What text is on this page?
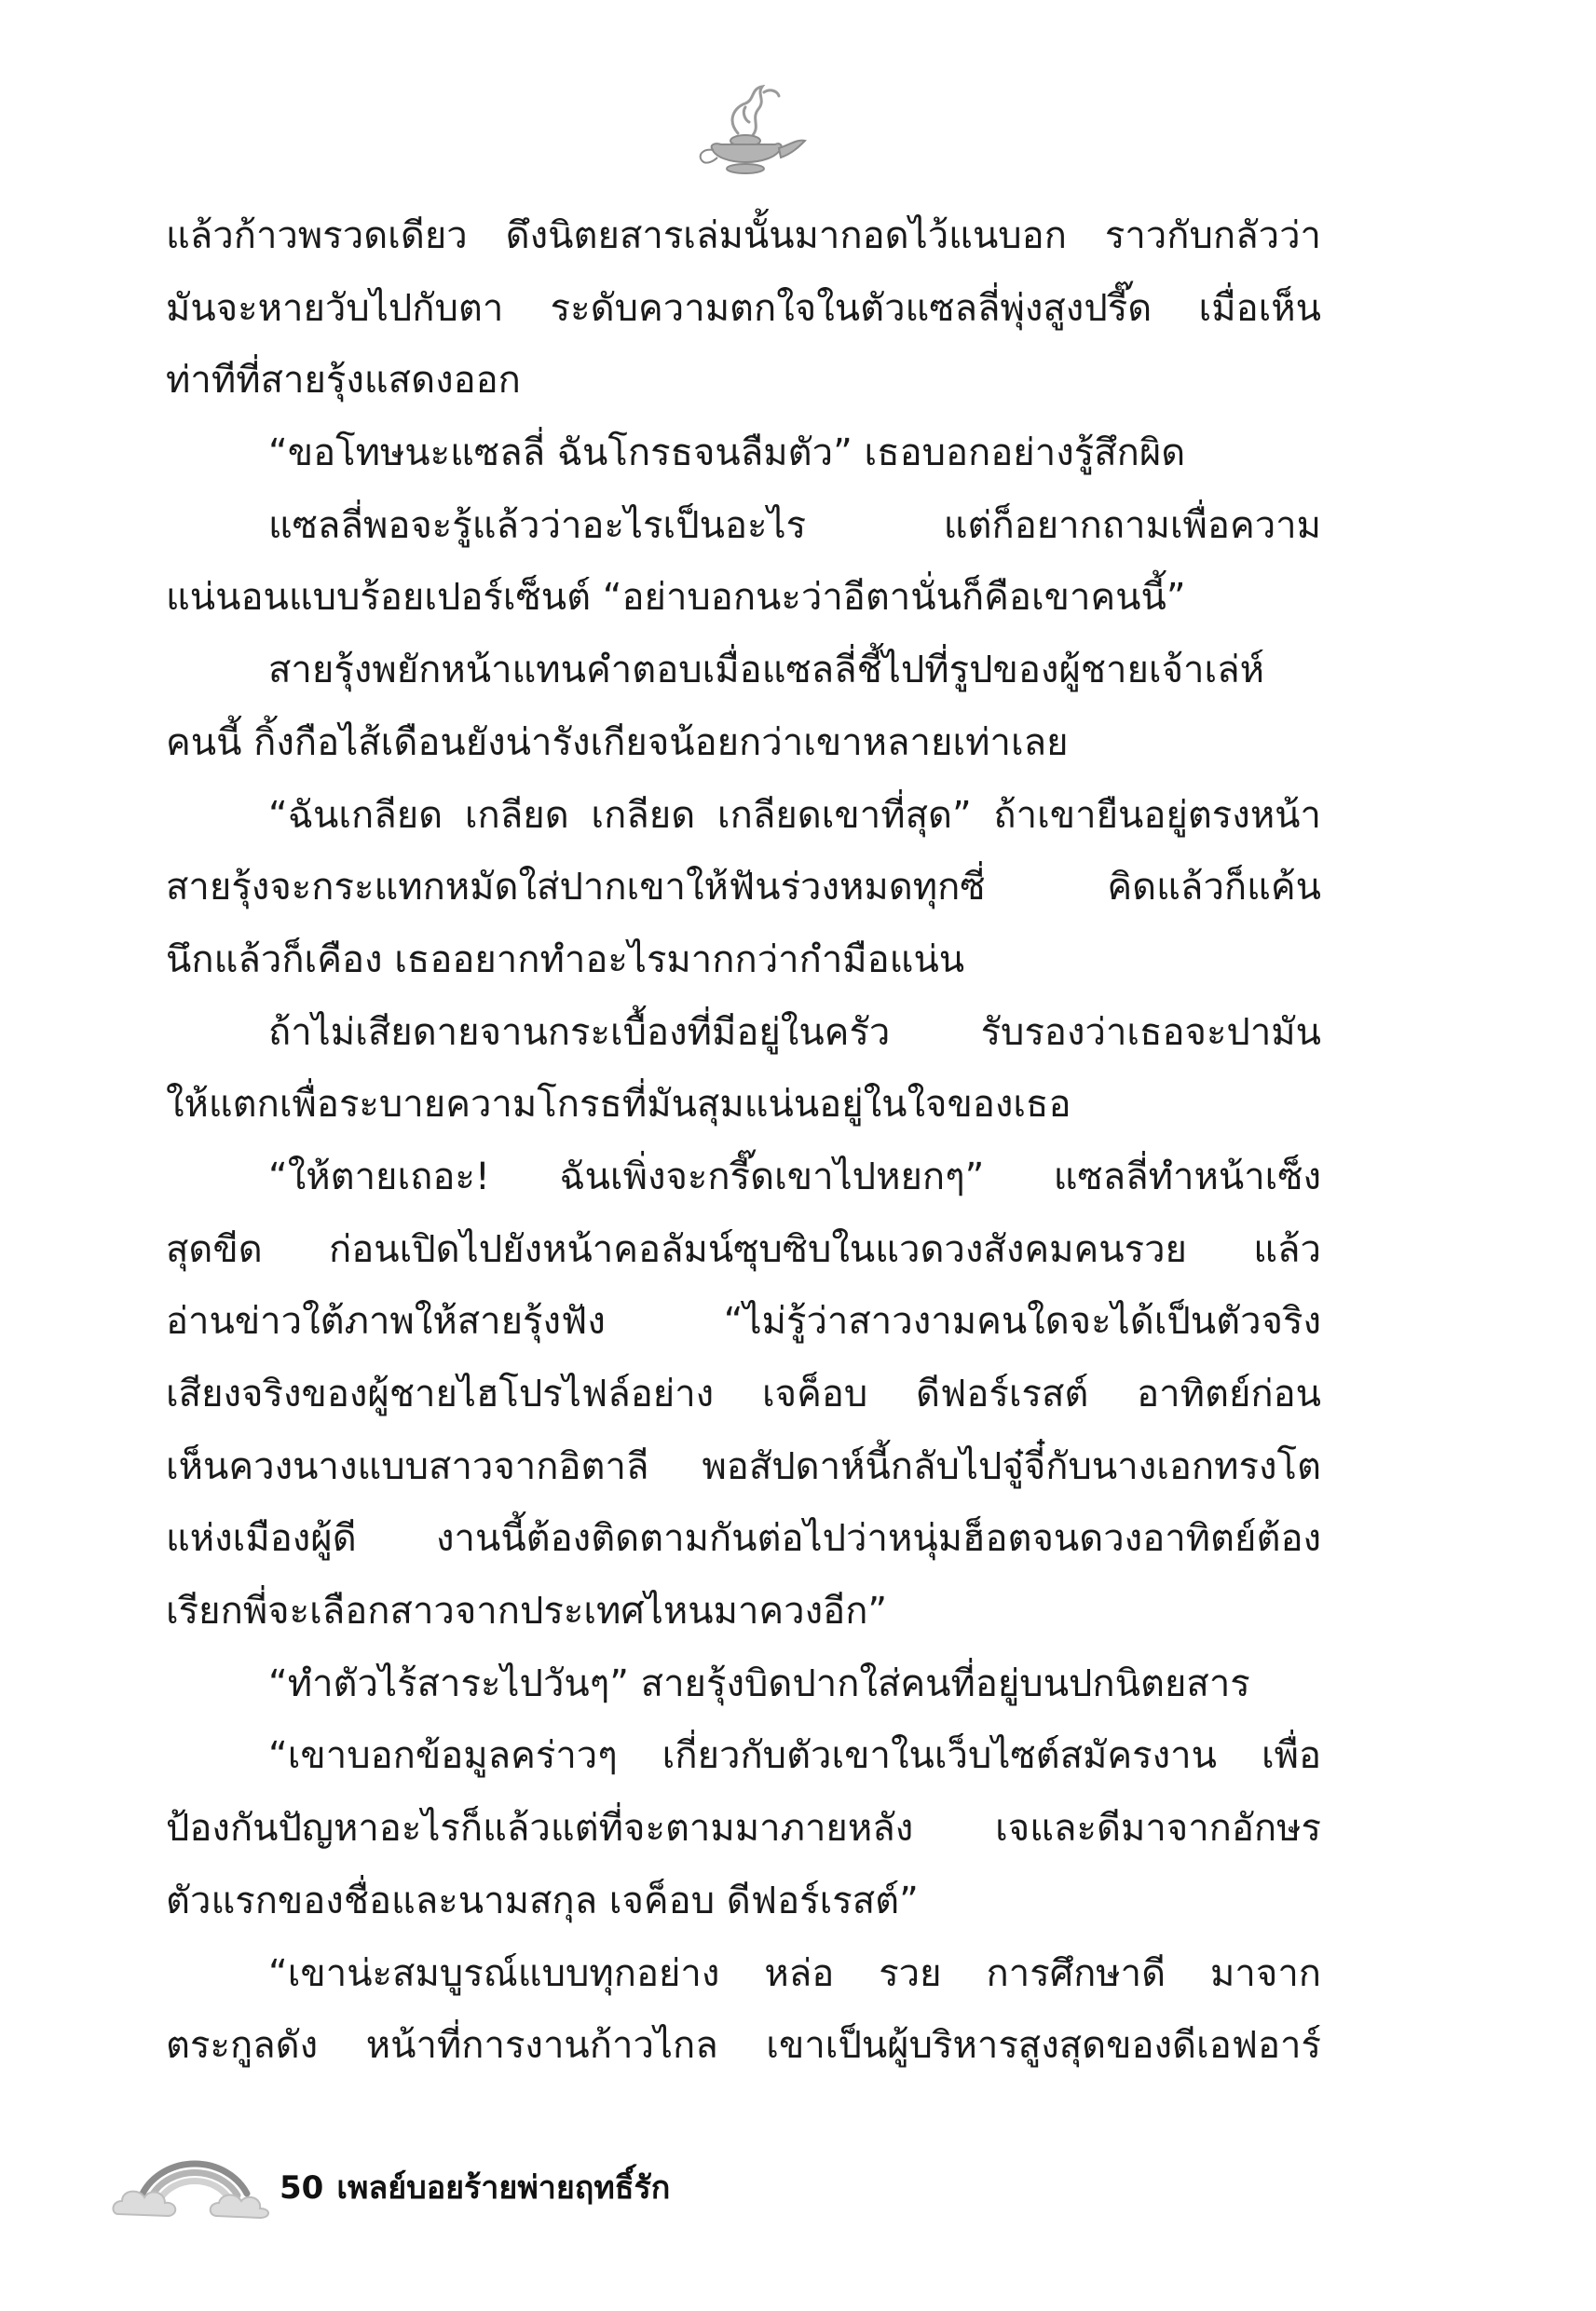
แล้วก้าวพรวดเดียว ดึงนิตยสารเล่มนั้นมากอดไว้แนบอก ราวกับกลัวว่า
มันจะหายวับไปกับตา ระดับความตกใจในตัวแซลลี่พุ่งสูงปรี๊ด เมื่อเห็น
ท่าทีที่สายรุ้งแสดงออก
“ขอโทษนะแซลลี่ ฉันโกรธจนลืมตัว” เธอบอกอย่างรู้สึกผิด
แซลลี่พอจะรู้แล้วว่าอะไรเป็นอะไร แต่ก็อยากถามเพื่อความ
แน่นอนแบบร้อยเปอร์เซ็นต์ “อย่าบอกนะว่าอีตานั่นก็คือเขาคนนี้”
สายรุ้งพยักหน้าแทนคำตอบเมื่อแซลลี่ชี้ไปที่รูปของผู้ชายเจ้าเล่ห์
คนนี้ กิ้งกือไส้เดือนยังน่ารังเกียจน้อยกว่าเขาหลายเท่าเลย
“ฉันเกลียด เกลียด เกลียด เกลียดเขาที่สุด” ถ้าเขายืนอยู่ตรงหน้า
สายรุ้งจะกระแทกหมัดใส่ปากเขาให้ฟันร่วงหมดทุกซี่ คิดแล้วก็แค้น
นึกแล้วก็เคือง เธออยากทำอะไรมากกว่ากำมือแน่น
ถ้าไม่เสียดายจานกระเบื้องที่มีอยู่ในครัว รับรองว่าเธอจะปามัน
ให้แตกเพื่อระบายความโกรธที่มันสุมแน่นอยู่ในใจของเธอ
“ให้ตายเถอะ! ฉันเพิ่งจะกรี๊ดเขาไปหยกๆ” แซลลี่ทำหน้าเซ็ง
สุดขีด ก่อนเปิดไปยังหน้าคอลัมน์ซุบซิบในแวดวงสังคมคนรวย แล้ว
อ่านข่าวใต้ภาพให้สายรุ้งฟัง “ไม่รู้ว่าสาวงามคนใดจะได้เป็นตัวจริง
เสียงจริงของผู้ชายไฮโปรไฟล์อย่าง เจค็อบ ดีฟอร์เรสต์ อาทิตย์ก่อน
เห็นควงนางแบบสาวจากอิตาลี พอสัปดาห์นี้กลับไปจู๋จี๋กับนางเอกทรงโต
แห่งเมืองผู้ดี งานนี้ต้องติดตามกันต่อไปว่าหนุ่มฮ็อตจนดวงอาทิตย์ต้อง
เรียกพี่จะเลือกสาวจากประเทศไหนมาควงอีก”
“ทำตัวไร้สาระไปวันๆ” สายรุ้งบิดปากใส่คนที่อยู่บนปกนิตยสาร
“เขาบอกข้อมูลคร่าวๆ เกี่ยวกับตัวเขาในเว็บไซต์สมัครงาน เพื่อ
ป้องกันปัญหาอะไรก็แล้วแต่ที่จะตามมาภายหลัง เจและดีมาจากอักษร
ตัวแรกของชื่อและนามสกุล เจค็อบ ดีฟอร์เรสต์”
“เขาน่ะสมบูรณ์แบบทุกอย่าง หล่อ รวย การศึกษาดี มาจาก
ตระกูลดัง หน้าที่การงานก้าวไกล เขาเป็นผู้บริหารสูงสุดของดีเอฟอาร์
50 เพลย์บอยร้ายพ่ายฤทธิ์รัก
